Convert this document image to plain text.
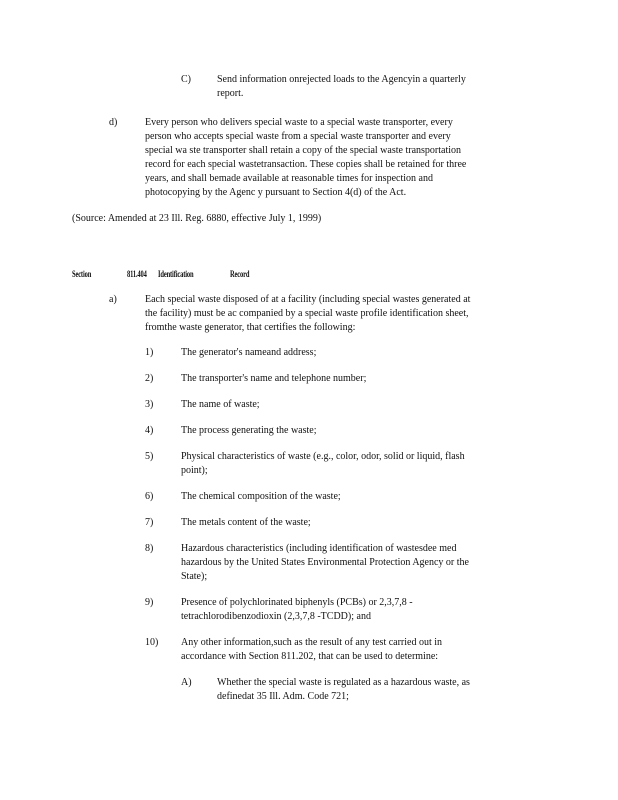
C)	Send information onrejected loads to the Agencyin a quarterly
report.
d)	Every person who delivers special waste to a special waste transporter, every
person who accepts special waste from a special waste transporter and every
special wa ste transporter shall retain a copy of the special waste transportation
record for each special wastetransaction. These copies shall be retained for three
years, and shall bemade available at reasonable times for inspection and
photocopying by the Agenc y pursuant to Section 4(d) of the Act.
(Source: Amended at 23 Ill. Reg. 6880, effective July 1, 1999)
Section	811.404 Identification	Record
a)	Each special waste disposed of at a facility (including special wastes generated at
the facility) must be ac companied by a special waste profile identification sheet,
fromthe waste generator, that certifies the following:
1)	The generator's nameand address;
2)	The transporter's name and telephone number;
3)	The name of waste;
4)	The process generating the waste;
5)	Physical characteristics of waste (e.g., color, odor, solid or liquid, flash
point);
6)	The chemical composition of the waste;
7)	The metals content of the waste;
8)	Hazardous characteristics (including identification of wastesdee med
hazardous by the United States Environmental Protection Agency or the
State);
9)	Presence of polychlorinated biphenyls (PCBs) or 2,3,7,8 -
tetrachlorodibenzodioxin (2,3,7,8 -TCDD); and
10) Any other information,such as the result of any test carried out in
accordance with Section 811.202, that can be used to determine:
A)	Whether the special waste is regulated as a hazardous waste, as
definedat 35 Ill. Adm. Code 721;
